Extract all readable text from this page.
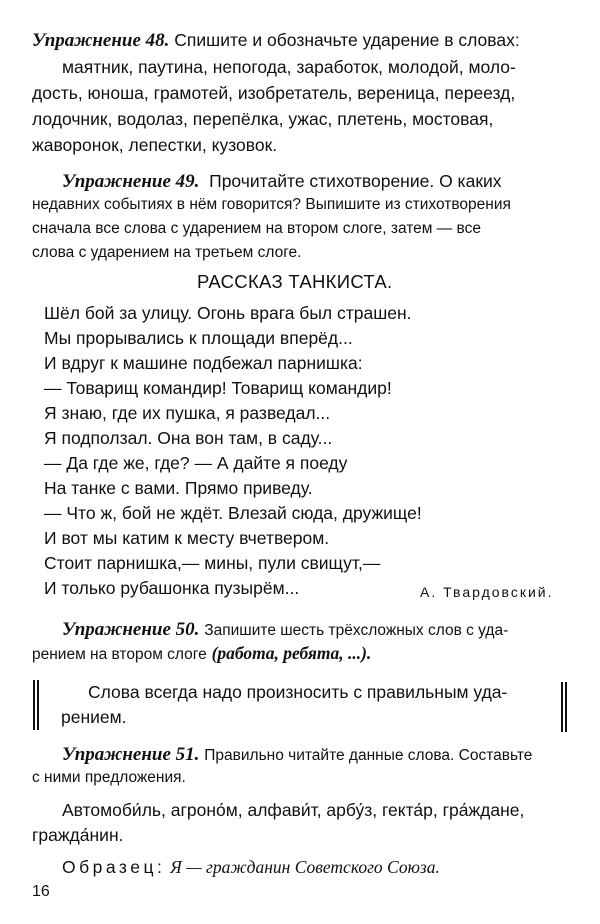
Упражнение 48. Спишите и обозначьте ударение в словах:
маятник, паутина, непогода, заработок, молодой, моло-
дость, юноша, грамотей, изобретатель, вереница, переезд,
лодочник, водолаз, перепёлка, ужас, плетень, мостовая,
жаворонок, лепестки, кузовок.
Упражнение 49. Прочитайте стихотворение. О каких
недавних событиях в нём говорится? Выпишите из стихотворения
сначала все слова с ударением на втором слоге, затем — все
слова с ударением на третьем слоге.
РАССКАЗ ТАНКИСТА.
Шёл бой за улицу. Огонь врага был страшен.
Мы прорывались к площади вперёд...
И вдруг к машине подбежал парнишка:
— Товарищ командир! Товарищ командир!
Я знаю, где их пушка, я разведал...
Я подползал. Она вон там, в саду...
— Да где же, где? — А дайте я поеду
На танке с вами. Прямо приведу.
— Что ж, бой не ждёт. Влезай сюда, дружище!
И вот мы катим к месту вчетвером.
Стоит парнишка,— мины, пули свищут,—
И только рубашонка пузырём...	А. Твардовский.
Упражнение 50. Запишите шесть трёхсложных слов с уда-
рением на втором слоге (работа, ребята, ...).
Слова всегда надо произносить с правильным уда-
рением.
Упражнение 51. Правильно читайте данные слова. Составьте
с ними предложения.
Автомоби́ль, агроно́м, алфави́т, арбу́з, гекта́р, гра́ждане,
гражда́нин.
Образец: Я — гражданин Советского Союза.
16
